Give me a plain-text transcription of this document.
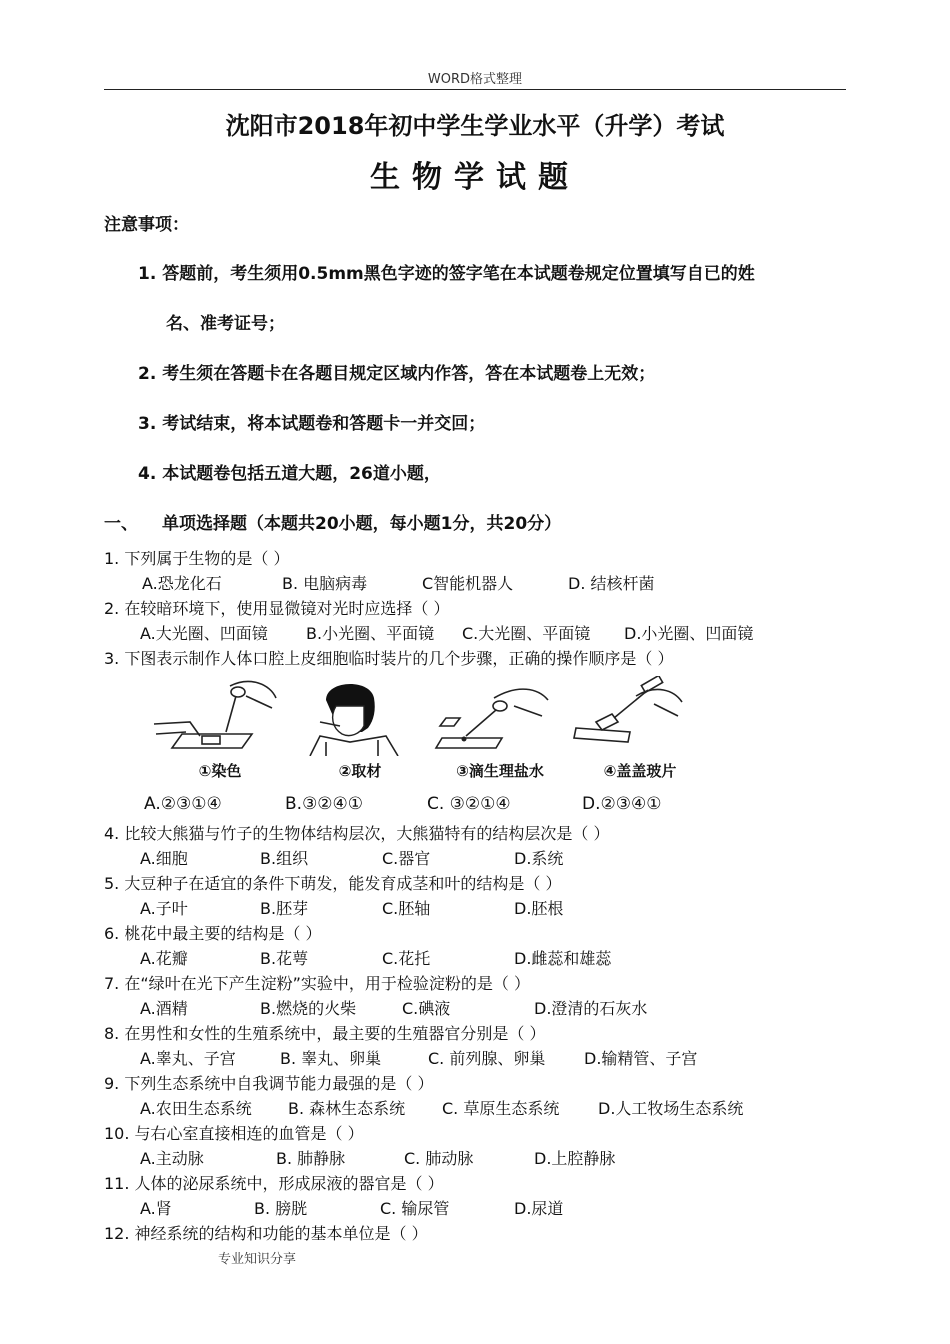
WORD格式整理
沈阳市2018年初中学生学业水平（升学）考试
生物学试题
注意事项：
1. 答题前，考生须用0.5mm黑色字迹的签字笔在本试题卷规定位置填写自已的姓
名、准考证号；
2. 考生须在答题卡在各题目规定区域内作答，答在本试题卷上无效；
3. 考试结束，将本试题卷和答题卡一并交回；
4. 本试题卷包括五道大题，26道小题，
一、 单项选择题（本题共20小题，每小题1分，共20分）
1. 下列属于生物的是（ ）
A.恐龙化石	B. 电脑病毒	C智能机器人	D. 结核杆菌
2. 在较暗环境下，使用显微镜对光时应选择（ ）
A.大光圈、凹面镜 B.小光圈、平面镜 C.大光圈、平面镜 D.小光圈、凹面镜
3. 下图表示制作人体口腔上皮细胞临时装片的几个步骤，正确的操作顺序是（ ）
①染色	②取材	③滴生理盐水	④盖盖玻片
A.②③①④	B.③②④①	C. ③②①④	D.②③④①
4. 比较大熊猫与竹子的生物体结构层次，大熊猫特有的结构层次是（ ）
A.细胞	B.组织	C.器官	D.系统
5. 大豆种子在适宜的条件下萌发，能发育成茎和叶的结构是（ ）
A.子叶	B.胚芽	C.胚轴	D.胚根
6. 桃花中最主要的结构是（ ）
A.花瓣	B.花萼	C.花托	D.雌蕊和雄蕊
7. 在“绿叶在光下产生淀粉”实验中，用于检验淀粉的是（ ）
A.酒精	B.燃烧的火柴	C.碘液	D.澄清的石灰水
8. 在男性和女性的生殖系统中，最主要的生殖器官分别是（ ）
A.睾丸、子宫	B. 睾丸、卵巢	C. 前列腺、卵巢 D.输精管、子宫
9. 下列生态系统中自我调节能力最强的是（ ）
A.农田生态系统 B. 森林生态系统 C. 草原生态系统 D.人工牧场生态系统
10. 与右心室直接相连的血管是（ ）
A.主动脉	B. 肺静脉	C. 肺动脉	D.上腔静脉
11. 人体的泌尿系统中，形成尿液的器官是（ ）
A.肾	B. 膀胱	C. 输尿管	D.尿道
12. 神经系统的结构和功能的基本单位是（ ）
专业知识分享
